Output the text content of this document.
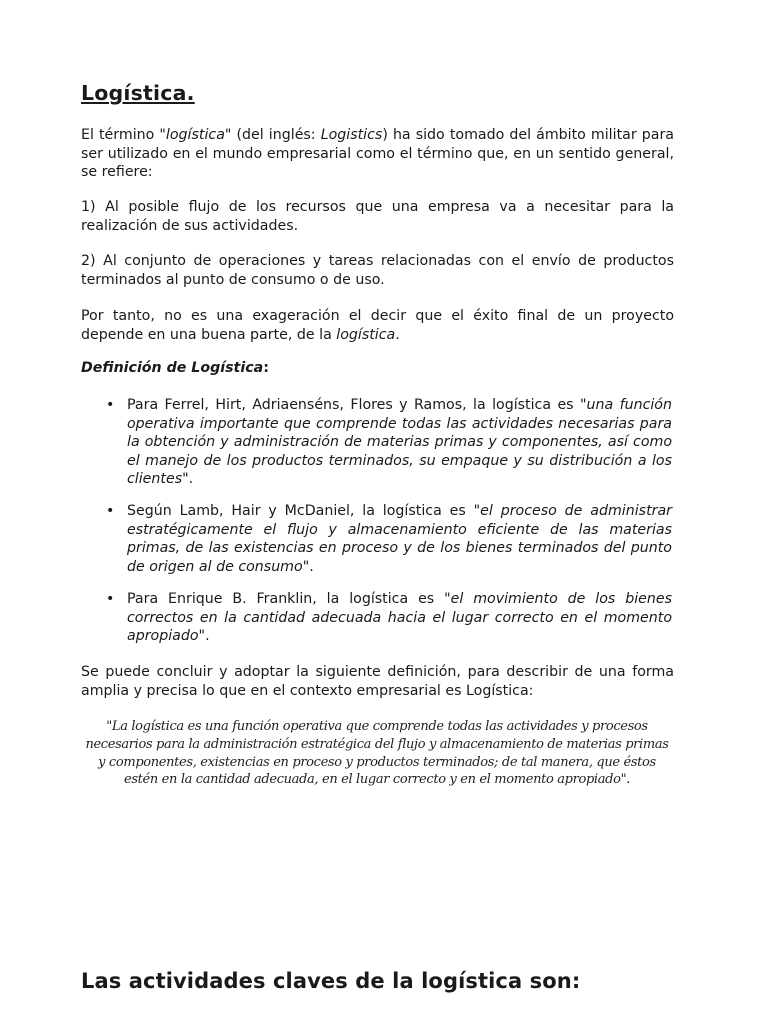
Logística.

El término "logística" (del inglés: Logistics) ha sido tomado del ámbito militar para ser utilizado en el mundo empresarial como el término que, en un sentido general, se refiere:

1) Al posible flujo de los recursos que una empresa va a necesitar para la realización de sus actividades.

2) Al conjunto de operaciones y tareas relacionadas con el envío de productos terminados al punto de consumo o de uso.

Por tanto, no es una exageración el decir que el éxito final de un proyecto depende en una buena parte, de la logística.

Definición de Logística:

• Para Ferrel, Hirt, Adriaenséns, Flores y Ramos, la logística es "una función operativa importante que comprende todas las actividades necesarias para la obtención y administración de materias primas y componentes, así como el manejo de los productos terminados, su empaque y su distribución a los clientes".

• Según Lamb, Hair y McDaniel, la logística es "el proceso de administrar estratégicamente el flujo y almacenamiento eficiente de las materias primas, de las existencias en proceso y de los bienes terminados del punto de origen al de consumo".

• Para Enrique B. Franklin, la logística es "el movimiento de los bienes correctos en la cantidad adecuada hacia el lugar correcto en el momento apropiado".

Se puede concluir y adoptar la siguiente definición, para describir de una forma amplia y precisa lo que en el contexto empresarial es Logística:

"La logística es una función operativa que comprende todas las actividades y procesos necesarios para la administración estratégica del flujo y almacenamiento de materias primas y componentes, existencias en proceso y productos terminados; de tal manera, que éstos estén en la cantidad adecuada, en el lugar correcto y en el momento apropiado".

Las actividades claves de la logística son:
